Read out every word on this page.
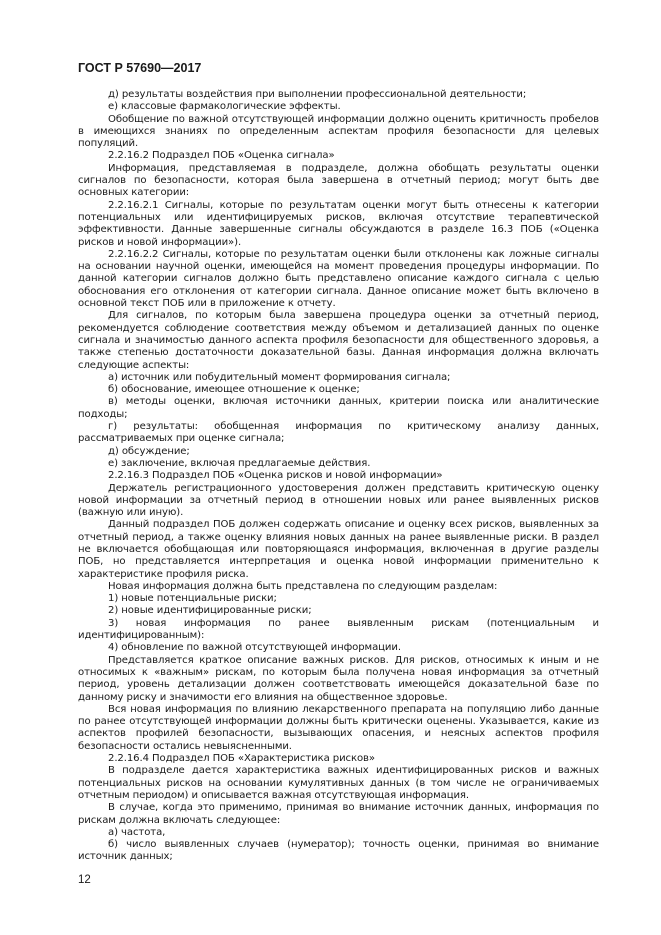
ГОСТ Р 57690—2017

д) результаты воздействия при выполнении профессиональной деятельности;

е) классовые фармакологические эффекты.

Обобщение по важной отсутствующей информации должно оценить критичность пробелов в имеющихся знаниях по определенным аспектам профиля безопасности для целевых популяций.

2.2.16.2 Подраздел ПОБ «Оценка сигнала»

Информация, представляемая в подразделе, должна обобщать результаты оценки сигналов по безопасности, которая была завершена в отчетный период; могут быть две основных категории:

2.2.16.2.1 Сигналы, которые по результатам оценки могут быть отнесены к категории потенциальных или идентифицируемых рисков, включая отсутствие терапевтической эффективности. Данные завершенные сигналы обсуждаются в разделе 16.3 ПОБ («Оценка рисков и новой информации»).

2.2.16.2.2 Сигналы, которые по результатам оценки были отклонены как ложные сигналы на основании научной оценки, имеющейся на момент проведения процедуры информации. По данной категории сигналов должно быть представлено описание каждого сигнала с целью обоснования его отклонения от категории сигнала. Данное описание может быть включено в основной текст ПОБ или в приложение к отчету.

Для сигналов, по которым была завершена процедура оценки за отчетный период, рекомендуется соблюдение соответствия между объемом и детализацией данных по оценке сигнала и значимостью данного аспекта профиля безопасности для общественного здоровья, а также степенью достаточности доказательной базы. Данная информация должна включать следующие аспекты:

а) источник или побудительный момент формирования сигнала;

б) обоснование, имеющее отношение к оценке;

в) методы оценки, включая источники данных, критерии поиска или аналитические подходы;

г) результаты: обобщенная информация по критическому анализу данных, рассматриваемых при оценке сигнала;

д) обсуждение;

е) заключение, включая предлагаемые действия.

2.2.16.3 Подраздел ПОБ «Оценка рисков и новой информации»

Держатель регистрационного удостоверения должен представить критическую оценку новой информации за отчетный период в отношении новых или ранее выявленных рисков (важную или иную).

Данный подраздел ПОБ должен содержать описание и оценку всех рисков, выявленных за отчетный период, а также оценку влияния новых данных на ранее выявленные риски. В раздел не включается обобщающая или повторяющаяся информация, включенная в другие разделы ПОБ, но представляется интерпретация и оценка новой информации применительно к характеристике профиля риска.

Новая информация должна быть представлена по следующим разделам:

1) новые потенциальные риски;

2) новые идентифицированные риски;

3) новая информация по ранее выявленным рискам (потенциальным и идентифицированным):

4) обновление по важной отсутствующей информации.

Представляется краткое описание важных рисков. Для рисков, относимых к иным и не относимых к «важным» рискам, по которым была получена новая информация за отчетный период, уровень детализации должен соответствовать имеющейся доказательной базе по данному риску и значимости его влияния на общественное здоровье.

Вся новая информация по влиянию лекарственного препарата на популяцию либо данные по ранее отсутствующей информации должны быть критически оценены. Указывается, какие из аспектов профилей безопасности, вызывающих опасения, и неясных аспектов профиля безопасности остались невыясненными.

2.2.16.4 Подраздел ПОБ «Характеристика рисков»

В подразделе дается характеристика важных идентифицированных рисков и важных потенциальных рисков на основании кумулятивных данных (в том числе не ограничиваемых отчетным периодом) и описывается важная отсутствующая информация.

В случае, когда это применимо, принимая во внимание источник данных, информация по рискам должна включать следующее:

а) частота,

б) число выявленных случаев (нумератор); точность оценки, принимая во внимание источник данных;

12
